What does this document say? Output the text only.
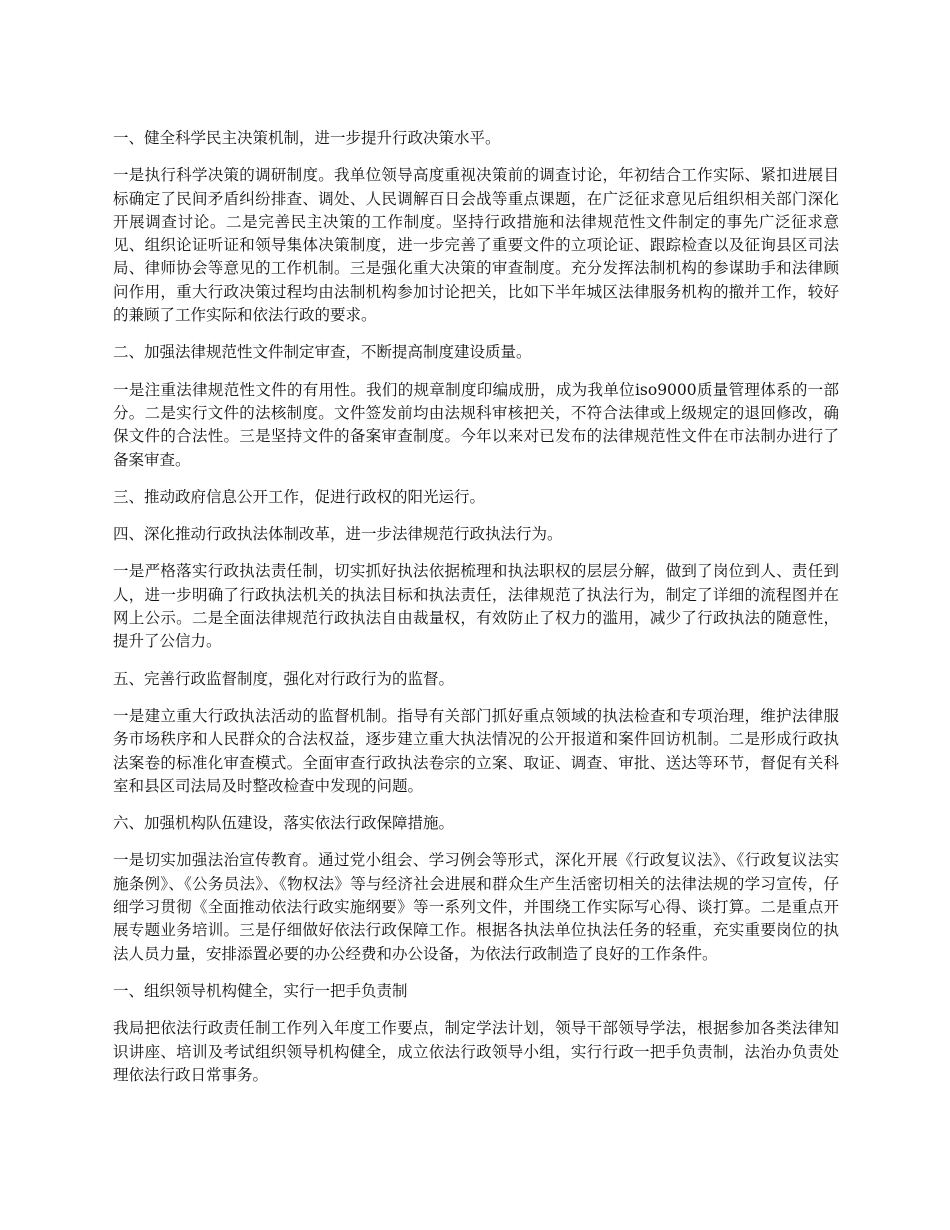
一、健全科学民主决策机制，进一步提升行政决策水平。

一是执行科学决策的调研制度。我单位领导高度重视决策前的调查讨论，年初结合工作实际、紧扣进展目标确定了民间矛盾纠纷排查、调处、人民调解百日会战等重点课题，在广泛征求意见后组织相关部门深化开展调查讨论。二是完善民主决策的工作制度。坚持行政措施和法律规范性文件制定的事先广泛征求意见、组织论证听证和领导集体决策制度，进一步完善了重要文件的立项论证、跟踪检查以及征询县区司法局、律师协会等意见的工作机制。三是强化重大决策的审查制度。充分发挥法制机构的参谋助手和法律顾问作用，重大行政决策过程均由法制机构参加讨论把关，比如下半年城区法律服务机构的撤并工作，较好的兼顾了工作实际和依法行政的要求。

二、加强法律规范性文件制定审查，不断提高制度建设质量。

一是注重法律规范性文件的有用性。我们的规章制度印编成册，成为我单位iso9000质量管理体系的一部分。二是实行文件的法核制度。文件签发前均由法规科审核把关，不符合法律或上级规定的退回修改，确保文件的合法性。三是坚持文件的备案审查制度。今年以来对已发布的法律规范性文件在市法制办进行了备案审查。

三、推动政府信息公开工作，促进行政权的阳光运行。

四、深化推动行政执法体制改革，进一步法律规范行政执法行为。

一是严格落实行政执法责任制，切实抓好执法依据梳理和执法职权的层层分解，做到了岗位到人、责任到人，进一步明确了行政执法机关的执法目标和执法责任，法律规范了执法行为，制定了详细的流程图并在网上公示。二是全面法律规范行政执法自由裁量权，有效防止了权力的滥用，减少了行政执法的随意性，提升了公信力。

五、完善行政监督制度，强化对行政行为的监督。

一是建立重大行政执法活动的监督机制。指导有关部门抓好重点领域的执法检查和专项治理，维护法律服务市场秩序和人民群众的合法权益，逐步建立重大执法情况的公开报道和案件回访机制。二是形成行政执法案卷的标准化审查模式。全面审查行政执法卷宗的立案、取证、调查、审批、送达等环节，督促有关科室和县区司法局及时整改检查中发现的问题。

六、加强机构队伍建设，落实依法行政保障措施。

一是切实加强法治宣传教育。通过党小组会、学习例会等形式，深化开展《行政复议法》、《行政复议法实施条例》、《公务员法》、《物权法》等与经济社会进展和群众生产生活密切相关的法律法规的学习宣传，仔细学习贯彻《全面推动依法行政实施纲要》等一系列文件，并围绕工作实际写心得、谈打算。二是重点开展专题业务培训。三是仔细做好依法行政保障工作。根据各执法单位执法任务的轻重，充实重要岗位的执法人员力量，安排添置必要的办公经费和办公设备，为依法行政制造了良好的工作条件。

一、组织领导机构健全，实行一把手负责制

我局把依法行政责任制工作列入年度工作要点，制定学法计划，领导干部领导学法，根据参加各类法律知识讲座、培训及考试组织领导机构健全，成立依法行政领导小组，实行行政一把手负责制，法治办负责处理依法行政日常事务。
